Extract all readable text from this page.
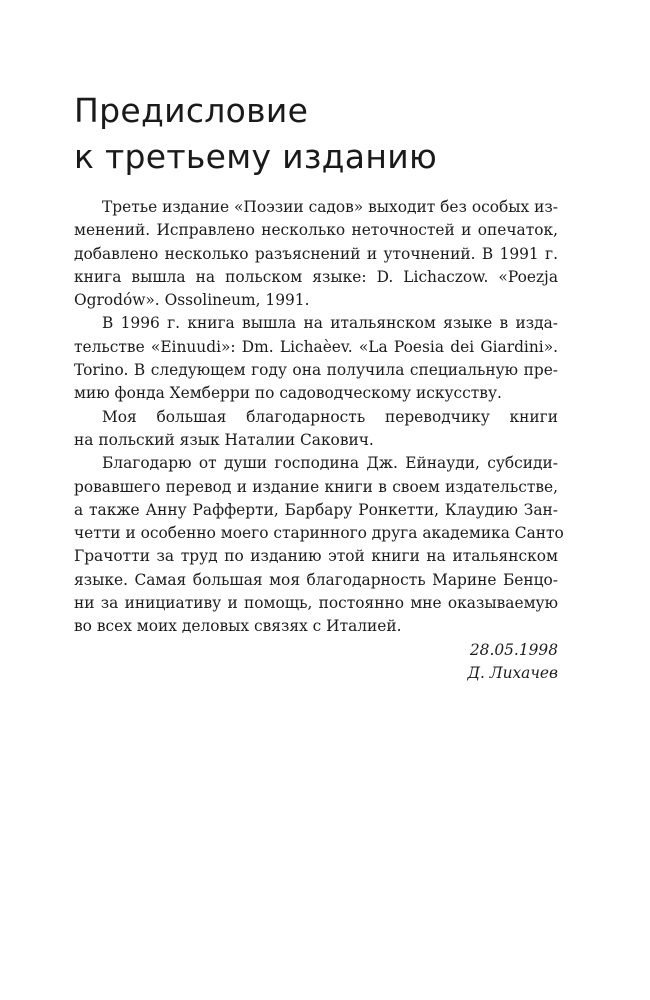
Предисловие
к третьему изданию

Третье издание «Поэзии садов» выходит без особых из-
менений. Исправлено несколько неточностей и опечаток,
добавлено несколько разъяснений и уточнений. В 1991 г.
книга вышла на польском языке: D. Lichaczow. «Poezja
Ogrodów». Ossolineum, 1991.

В 1996 г. книга вышла на итальянском языке в изда-
тельстве «Einuudi»: Dm. Lichaèev. «La Poesia dei Giardini».
Torino. В следующем году она получила специальную пре-
мию фонда Хемберри по садоводческому искусству.

Моя большая благодарность переводчику книги
на польский язык Наталии Сакович.

Благодарю от души господина Дж. Ейнауди, субсиди-
ровавшего перевод и издание книги в своем издательстве,
а также Анну Рафферти, Барбару Ронкетти, Клаудию Зан-
четти и особенно моего старинного друга академика Санто
Грачотти за труд по изданию этой книги на итальянском
языке. Самая большая моя благодарность Марине Бенцо-
ни за инициативу и помощь, постоянно мне оказываемую
во всех моих деловых связях с Италией.

28.05.1998
Д. Лихачев
